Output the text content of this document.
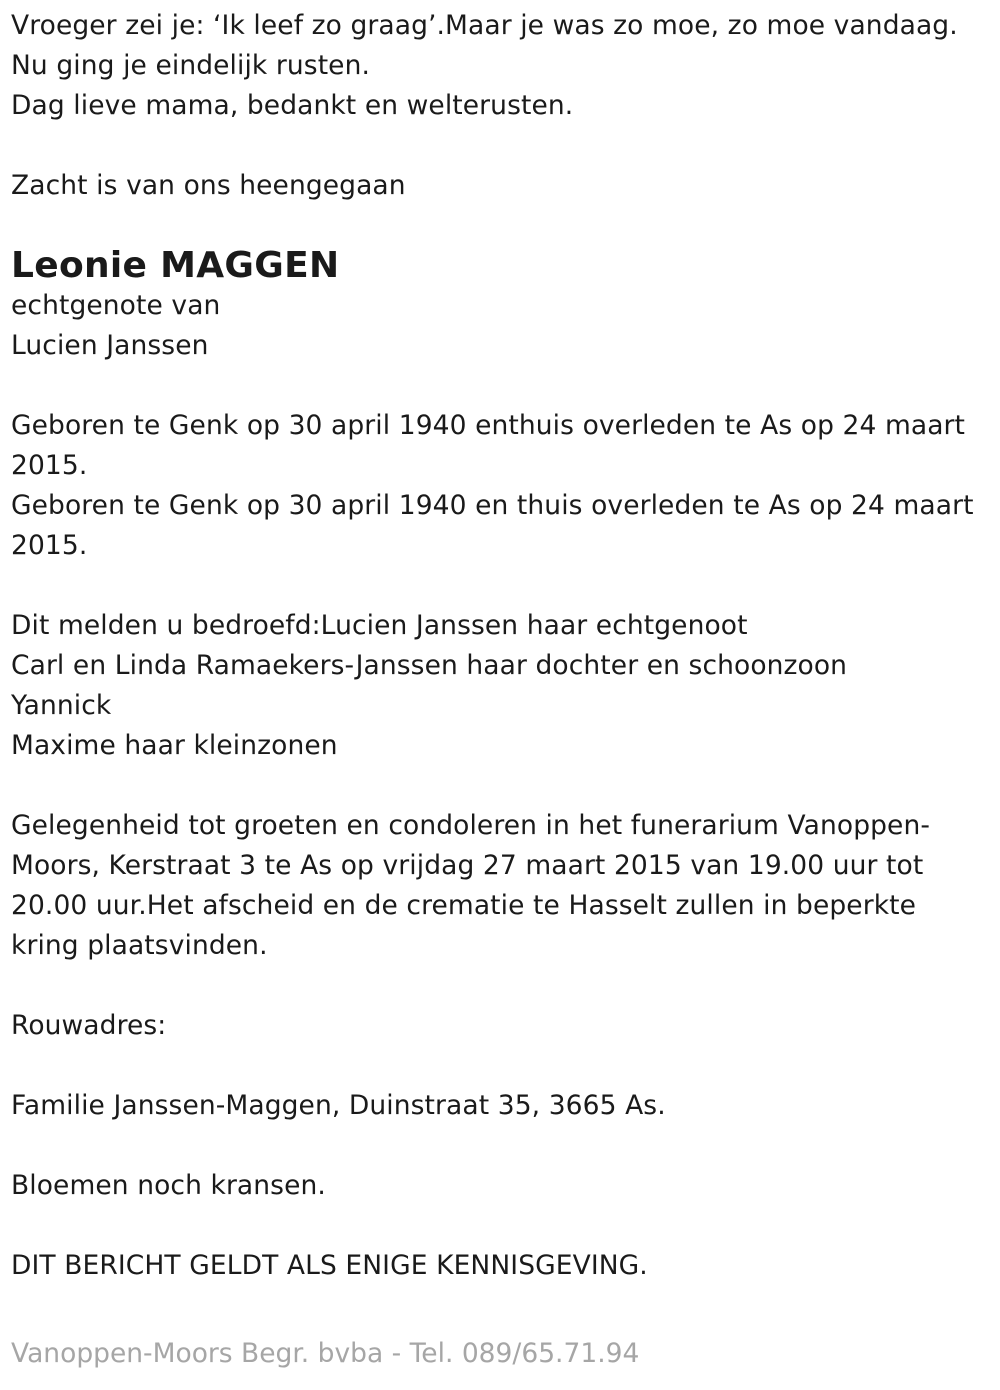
Vroeger zei je: ‘Ik leef zo graag’.Maar je was zo moe, zo moe vandaag.
Nu ging je eindelijk rusten.
Dag lieve mama, bedankt en welterusten.
Zacht is van ons heengegaan
Leonie MAGGEN
echtgenote van
Lucien Janssen
Geboren te Genk op 30 april 1940 enthuis overleden te As op 24 maart 2015.
Geboren te Genk op 30 april 1940 en thuis overleden te As op 24 maart 2015.
Dit melden u bedroefd:Lucien Janssen haar echtgenoot
Carl en Linda Ramaekers-Janssen haar dochter en schoonzoon
Yannick
Maxime haar kleinzonen
Gelegenheid tot groeten en condoleren in het funerarium Vanoppen-Moors, Kerstraat 3 te As op vrijdag 27 maart 2015 van 19.00 uur tot 20.00 uur.Het afscheid en de crematie te Hasselt zullen in beperkte kring plaatsvinden.
Rouwadres:
Familie Janssen-Maggen, Duinstraat 35, 3665 As.
Bloemen noch kransen.
DIT BERICHT GELDT ALS ENIGE KENNISGEVING.
Vanoppen-Moors Begr. bvba - Tel. 089/65.71.94
